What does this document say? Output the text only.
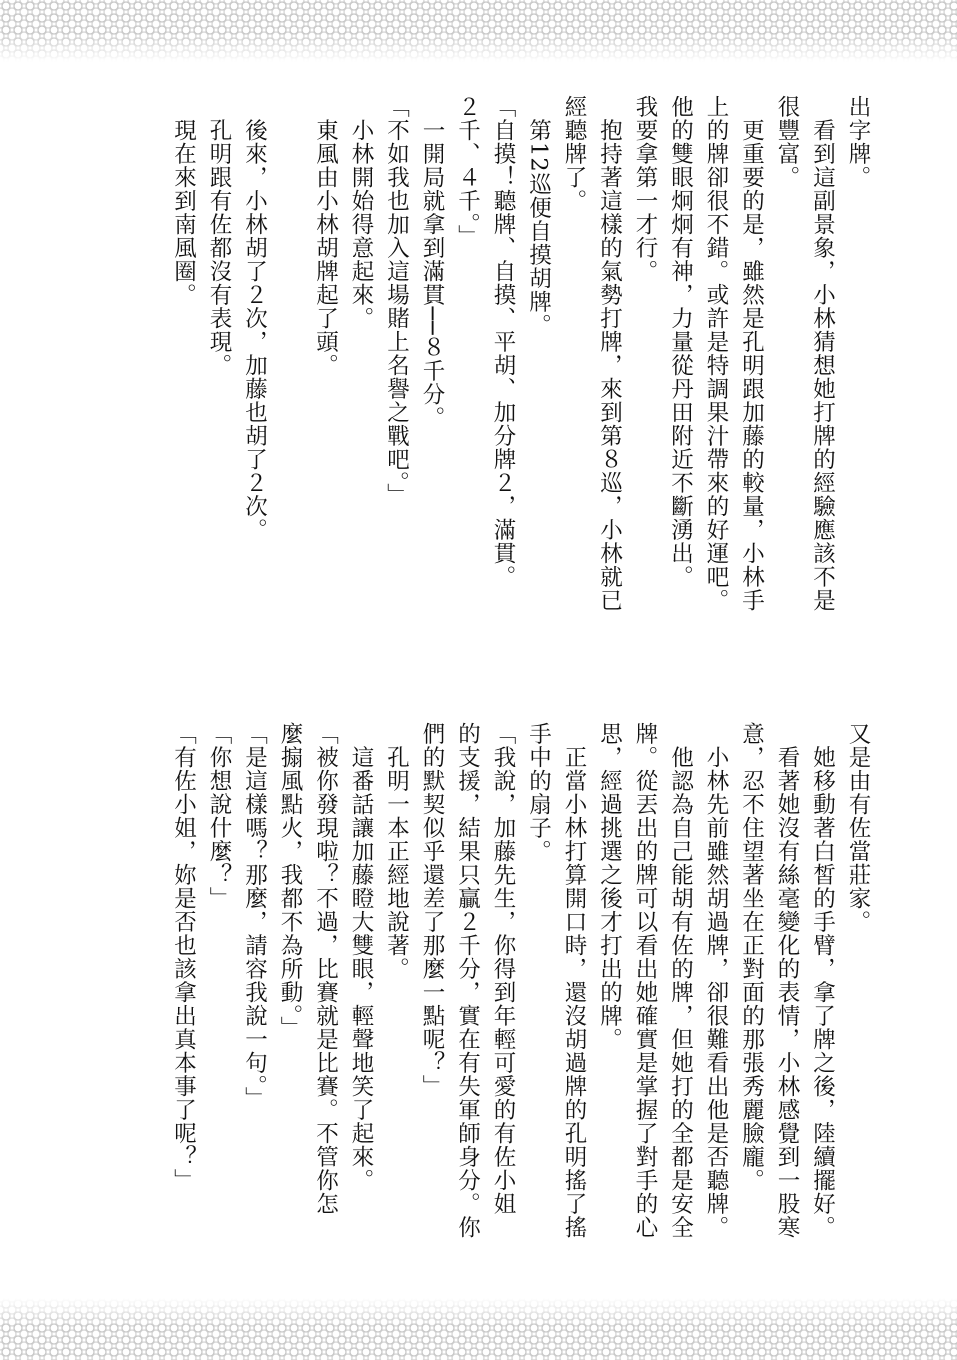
出字牌。
　看到這副景象，小林猜想她打牌的經驗應該不是
很豐富。
　更重要的是，雖然是孔明跟加藤的較量，小林手
上的牌卻很不錯。或許是特調果汁帶來的好運吧。
他的雙眼炯炯有神，力量從丹田附近不斷湧出。
我要拿第一才行。
　抱持著這樣的氣勢打牌，來到第８巡，小林就已
經聽牌了。
　第12巡便自摸胡牌。
「自摸！聽牌、自摸、平胡、加分牌２，滿貫。
２千、４千。」
　一開局就拿到滿貫──８千分。
「不如我也加入這場賭上名譽之戰吧。」
　小林開始得意起來。
　東風由小林胡牌起了頭。
　後來，小林胡了２次，加藤也胡了２次。
　孔明跟有佐都沒有表現。
　現在來到南風圈。
又是由有佐當莊家。
　她移動著白皙的手臂，拿了牌之後，陸續擺好。
　看著她沒有絲毫變化的表情，小林感覺到一股寒
意，忍不住望著坐在正對面的那張秀麗臉龐。
　小林先前雖然胡過牌，卻很難看出他是否聽牌。
　他認為自己能胡有佐的牌，但她打的全都是安全
牌。從丟出的牌可以看出她確實是掌握了對手的心
思，經過挑選之後才打出的牌。
　正當小林打算開口時，還沒胡過牌的孔明搖了搖
手中的扇子。
「我說，加藤先生，你得到年輕可愛的有佐小姐
的支援，結果只贏２千分，實在有失軍師身分。你
們的默契似乎還差了那麼一點呢？」
　孔明一本正經地說著。
　這番話讓加藤瞪大雙眼，輕聲地笑了起來。
「被你發現啦？不過，比賽就是比賽。不管你怎
麼搧風點火，我都不為所動。」
「是這樣嗎？那麼，請容我說一句。」
「你想說什麼？」
「有佐小姐，妳是否也該拿出真本事了呢？」
